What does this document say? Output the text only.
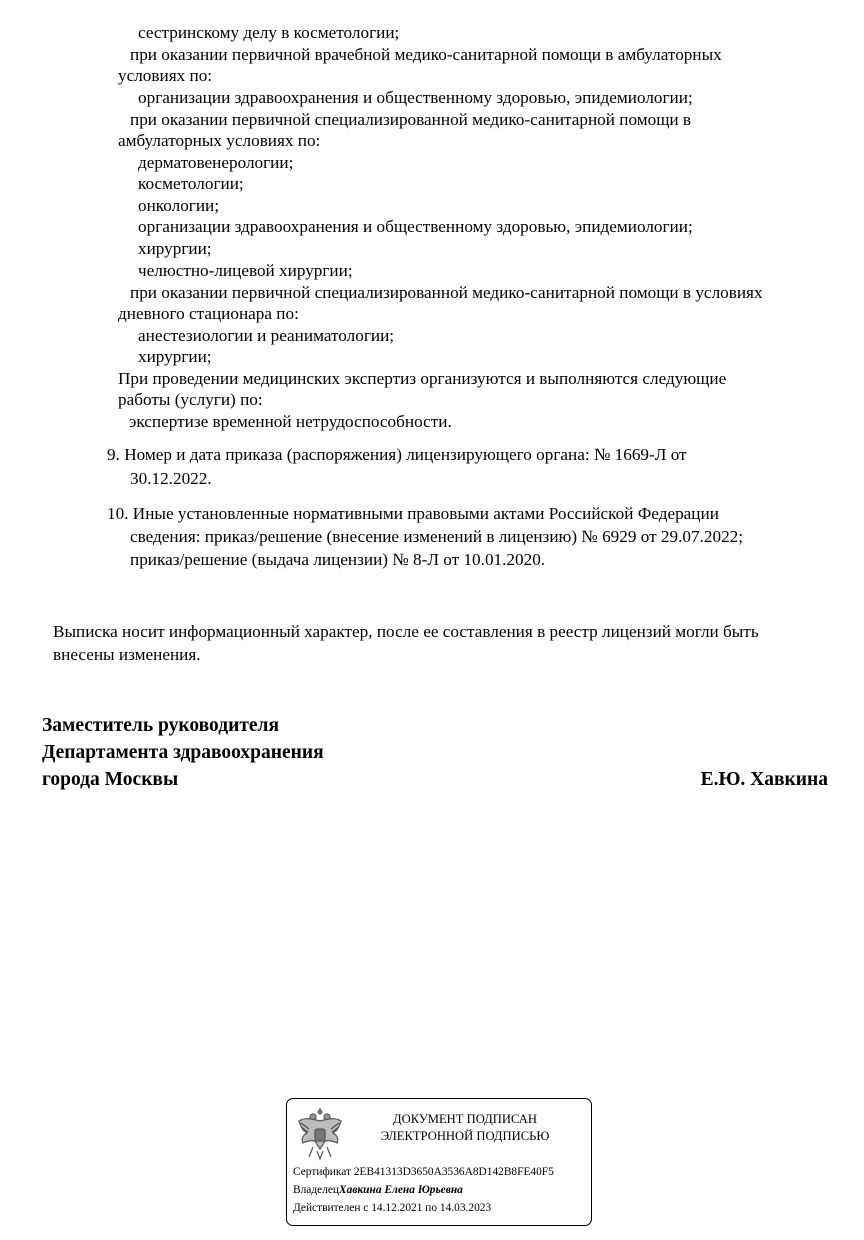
сестринскому делу в косметологии;
при оказании первичной врачебной медико-санитарной помощи в амбулаторных
условиях по:
организации здравоохранения и общественному здоровью, эпидемиологии;
при оказании первичной специализированной медико-санитарной помощи в
амбулаторных условиях по:
дерматовенерологии;
косметологии;
онкологии;
организации здравоохранения и общественному здоровью, эпидемиологии;
хирургии;
челюстно-лицевой хирургии;
при оказании первичной специализированной медико-санитарной помощи в условиях
дневного стационара по:
анестезиологии и реаниматологии;
хирургии;
При проведении медицинских экспертиз организуются и выполняются следующие
работы (услуги) по:
экспертизе временной нетрудоспособности.
9. Номер и дата приказа (распоряжения) лицензирующего органа: № 1669-Л от
30.12.2022.
10. Иные установленные нормативными правовыми актами Российской Федерации
сведения: приказ/решение (внесение изменений в лицензию) № 6929 от 29.07.2022;
приказ/решение (выдача лицензии) № 8-Л от 10.01.2020.
Выписка носит информационный характер, после ее составления в реестр лицензий могли быть
внесены изменения.
Заместитель руководителя
Департамента здравоохранения
города Москвы	Е.Ю. Хавкина
ДОКУМЕНТ ПОДПИСАН
ЭЛЕКТРОННОЙ ПОДПИСЬЮ
Сертификат 2EB41313D3650A3536A8D142B8FE40F5
ВладелецХавкина Елена Юрьевна
Действителен с 14.12.2021 по 14.03.2023
